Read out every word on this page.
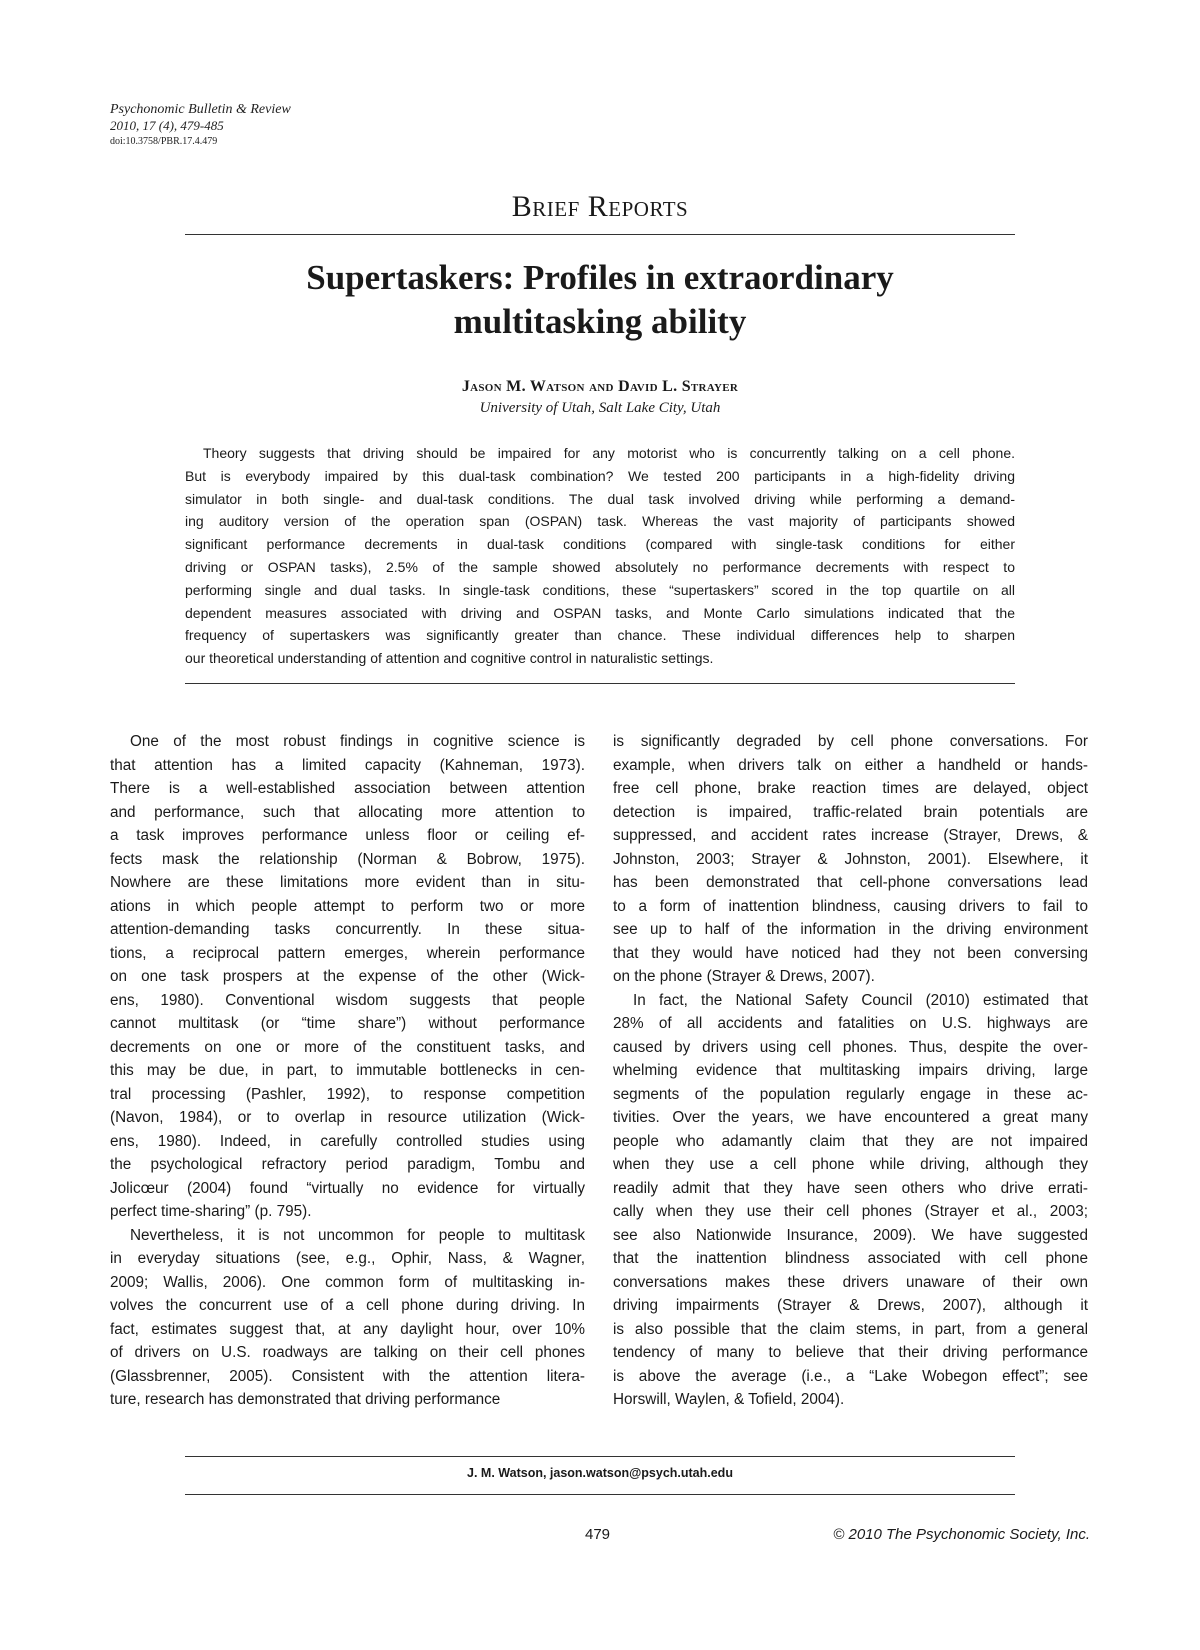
Psychonomic Bulletin & Review
2010, 17 (4), 479-485
doi:10.3758/PBR.17.4.479
Brief Reports
Supertaskers: Profiles in extraordinary
multitasking ability
Jason M. Watson and David L. Strayer
University of Utah, Salt Lake City, Utah
Theory suggests that driving should be impaired for any motorist who is concurrently talking on a cell phone.
But is everybody impaired by this dual-task combination? We tested 200 participants in a high-fidelity driving
simulator in both single- and dual-task conditions. The dual task involved driving while performing a demand-
ing auditory version of the operation span (OSPAN) task. Whereas the vast majority of participants showed
significant performance decrements in dual-task conditions (compared with single-task conditions for either
driving or OSPAN tasks), 2.5% of the sample showed absolutely no performance decrements with respect to
performing single and dual tasks. In single-task conditions, these “supertaskers” scored in the top quartile on all
dependent measures associated with driving and OSPAN tasks, and Monte Carlo simulations indicated that the
frequency of supertaskers was significantly greater than chance. These individual differences help to sharpen
our theoretical understanding of attention and cognitive control in naturalistic settings.
One of the most robust findings in cognitive science is
that attention has a limited capacity (Kahneman, 1973).
There is a well-established association between attention
and performance, such that allocating more attention to
a task improves performance unless floor or ceiling ef-
fects mask the relationship (Norman & Bobrow, 1975).
Nowhere are these limitations more evident than in situ-
ations in which people attempt to perform two or more
attention-demanding tasks concurrently. In these situa-
tions, a reciprocal pattern emerges, wherein performance
on one task prospers at the expense of the other (Wick-
ens, 1980). Conventional wisdom suggests that people
cannot multitask (or “time share”) without performance
decrements on one or more of the constituent tasks, and
this may be due, in part, to immutable bottlenecks in cen-
tral processing (Pashler, 1992), to response competition
(Navon, 1984), or to overlap in resource utilization (Wick-
ens, 1980). Indeed, in carefully controlled studies using
the psychological refractory period paradigm, Tombu and
Jolicœur (2004) found “virtually no evidence for virtually
perfect time-sharing” (p. 795).
Nevertheless, it is not uncommon for people to multitask
in everyday situations (see, e.g., Ophir, Nass, & Wagner,
2009; Wallis, 2006). One common form of multitasking in-
volves the concurrent use of a cell phone during driving. In
fact, estimates suggest that, at any daylight hour, over 10%
of drivers on U.S. roadways are talking on their cell phones
(Glassbrenner, 2005). Consistent with the attention litera-
ture, research has demonstrated that driving performance
is significantly degraded by cell phone conversations. For
example, when drivers talk on either a handheld or hands-
free cell phone, brake reaction times are delayed, object
detection is impaired, traffic-related brain potentials are
suppressed, and accident rates increase (Strayer, Drews, &
Johnston, 2003; Strayer & Johnston, 2001). Elsewhere, it
has been demonstrated that cell-phone conversations lead
to a form of inattention blindness, causing drivers to fail to
see up to half of the information in the driving environment
that they would have noticed had they not been conversing
on the phone (Strayer & Drews, 2007).
In fact, the National Safety Council (2010) estimated that
28% of all accidents and fatalities on U.S. highways are
caused by drivers using cell phones. Thus, despite the over-
whelming evidence that multitasking impairs driving, large
segments of the population regularly engage in these ac-
tivities. Over the years, we have encountered a great many
people who adamantly claim that they are not impaired
when they use a cell phone while driving, although they
readily admit that they have seen others who drive errati-
cally when they use their cell phones (Strayer et al., 2003;
see also Nationwide Insurance, 2009). We have suggested
that the inattention blindness associated with cell phone
conversations makes these drivers unaware of their own
driving impairments (Strayer & Drews, 2007), although it
is also possible that the claim stems, in part, from a general
tendency of many to believe that their driving performance
is above the average (i.e., a “Lake Wobegon effect”; see
Horswill, Waylen, & Tofield, 2004).
J. M. Watson, jason.watson@psych.utah.edu
479	© 2010 The Psychonomic Society, Inc.
